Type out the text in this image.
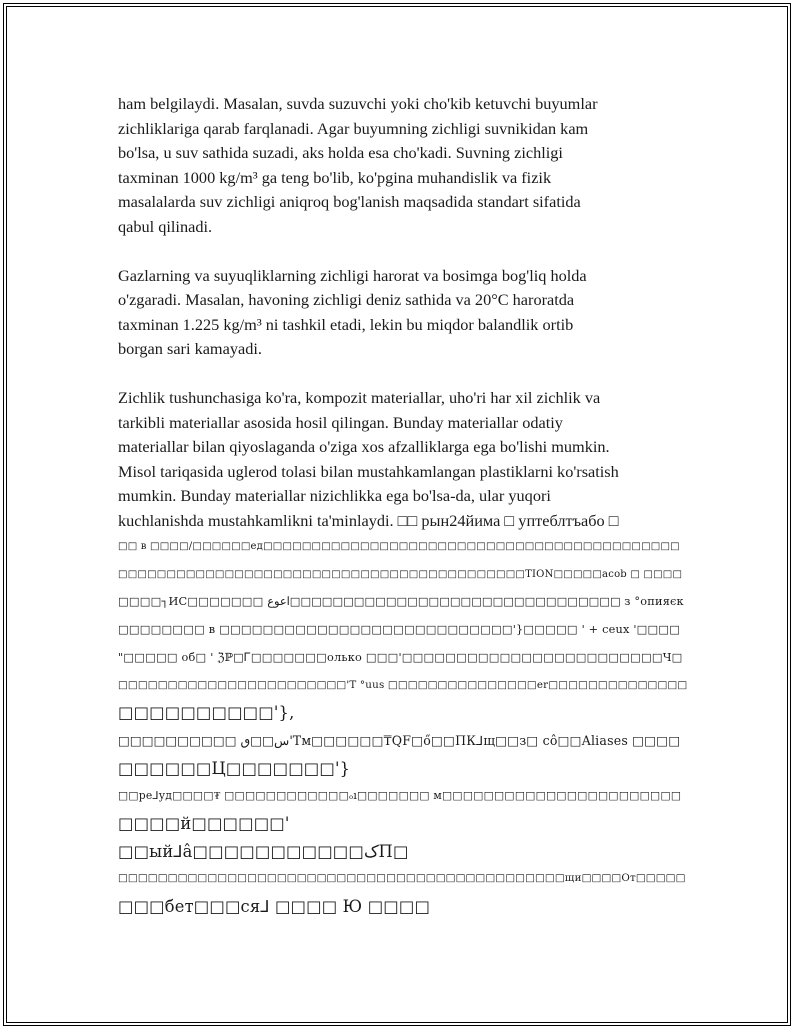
ham belgilaydi. Masalan, suvda suzuvchi yoki cho'kib ketuvchi buyumlar
zichliklariga qarab farqlanadi. Agar buyumning zichligi suvnikidan kam
bo'lsa, u suv sathida suzadi, aks holda esa cho'kadi. Suvning zichligi
taxminan 1000 kg/m³ ga teng bo'lib, ko'pgina muhandislik va fizik
masalalarda suv zichligi aniqroq bog'lanish maqsadida standart sifatida
qabul qilinadi.

Gazlarning va suyuqliklarning zichligi harorat va bosimga bog'liq holda
o'zgaradi. Masalan, havoning zichligi deniz sathida va 20°C haroratda
taxminan 1.225 kg/m³ ni tashkil etadi, lekin bu miqdor balandlik ortib
borgan sari kamayadi.

Zichlik tushunchasiga ko'ra, kompozit materiallar, uho'ri har xil zichlik va
tarkibli materiallar asosida hosil qilingan. Bunday materiallar odatiy
materiallar bilan qiyoslaganda o'ziga xos afzalliklarga ega bo'lishi mumkin.
Misol tariqasida uglerod tolasi bilan mustahkamlangan plastiklarni ko'rsatish
mumkin. Bunday materiallar nizichlikka ega bo'lsa-da, ular yuqori
kuchlanishda mustahkamlikni ta'minlaydi. □□ рын24йима □ уптеблтъабо □

□□ в □□□□/□□□□□□ед□□□□□□□□□□□□□□□□□□□□□□□□□□□□□□□□□□□□□□□□□□□
□□□□□□□□□□□□□□□□□□□□□□□□□□□□□□□□□□□□□□□□□□TION□□□□□acob □ □□□□
□□□□┐ИС□□□□□□□ اعوع□□□□□□□□□□□□□□□□□□□□□□□□□□□□□□□ з °опияєк
□□□□□□□□ в □□□□□□□□□□□□□□□□□□□□□□□□□□□'}□□□□□ ' + ceux '□□□□
"□□□□□ об□ ' ℨℙ□Ꮁ□□□□□□□олько □□□'□□□□□□□□□□□□□□□□□□□□□□□□Ч□
□□□□□□□□□□□□□□□□□□□□□□□'T °uus □□□□□□□□□□□□□□□er□□□□□□□□□□□□□□
□□□□□□□□□□'},
□□□□□□□□□□ س□□ٯ'Tм□□□□□□₸QF□ő□□ПК⅃щ□□з□ cô□□Aliases □□□□
□□□□□□Ц□□□□□□□'}
□□ре⅃уд□□□□₮ □□□□□□□□□□□□ₒı□□□□□□□ м□□□□□□□□□□□□□□□□□□□□□□□
□□□□й□□□□□□'
□□ый⅃â□□□□□□□□□□□کП□
□□□□□□□□□□□□□□□□□□□□□□□□□□□□□□□□□□□□□□□□□□□□□щи□□□□От□□□□□
□□□бет□□□ся⅃ □□□□ Ю □□□□
